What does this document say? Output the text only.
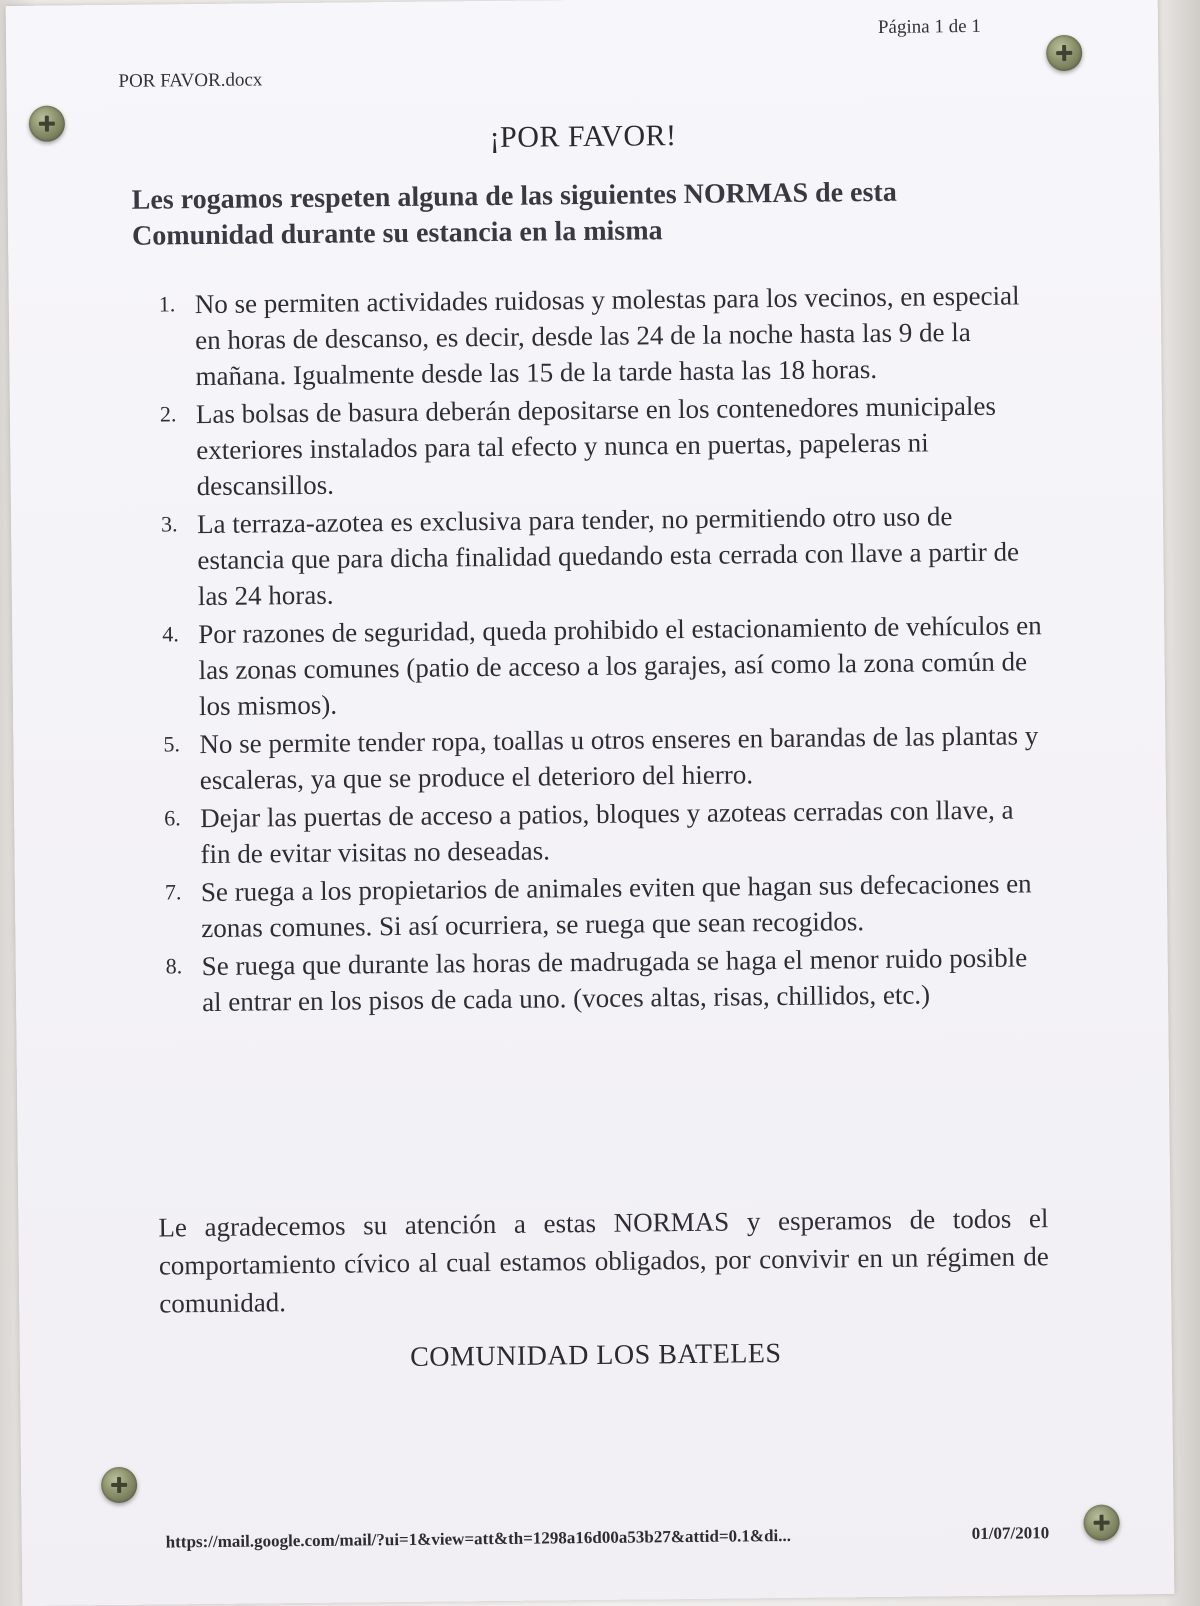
POR FAVOR.docx
Página 1 de 1
¡POR FAVOR!
Les rogamos respeten alguna de las siguientes NORMAS de esta Comunidad durante su estancia en la misma
1. No se permiten actividades ruidosas y molestas para los vecinos, en especial en horas de descanso, es decir, desde las 24 de la noche hasta las 9 de la mañana. Igualmente desde las 15 de la tarde hasta las 18 horas.
2. Las bolsas de basura deberán depositarse en los contenedores municipales exteriores instalados para tal efecto y nunca en puertas, papeleras ni descansillos.
3. La terraza-azotea es exclusiva para tender, no permitiendo otro uso de estancia que para dicha finalidad quedando esta cerrada con llave a partir de las 24 horas.
4. Por razones de seguridad, queda prohibido el estacionamiento de vehículos en las zonas comunes (patio de acceso a los garajes, así como la zona común de los mismos).
5. No se permite tender ropa, toallas u otros enseres en barandas de las plantas y escaleras, ya que se produce el deterioro del hierro.
6. Dejar las puertas de acceso a patios, bloques y azoteas cerradas con llave, a fin de evitar visitas no deseadas.
7. Se ruega a los propietarios de animales eviten que hagan sus defecaciones en zonas comunes. Si así ocurriera, se ruega que sean recogidos.
8. Se ruega que durante las horas de madrugada se haga el menor ruido posible al entrar en los pisos de cada uno. (voces altas, risas, chillidos, etc.)
Le agradecemos su atención a estas NORMAS y esperamos de todos el comportamiento cívico al cual estamos obligados, por convivir en un régimen de comunidad.
COMUNIDAD LOS BATELES
https://mail.google.com/mail/?ui=1&view=att&th=1298a16d00a53b27&attid=0.1&di...	01/07/2010
